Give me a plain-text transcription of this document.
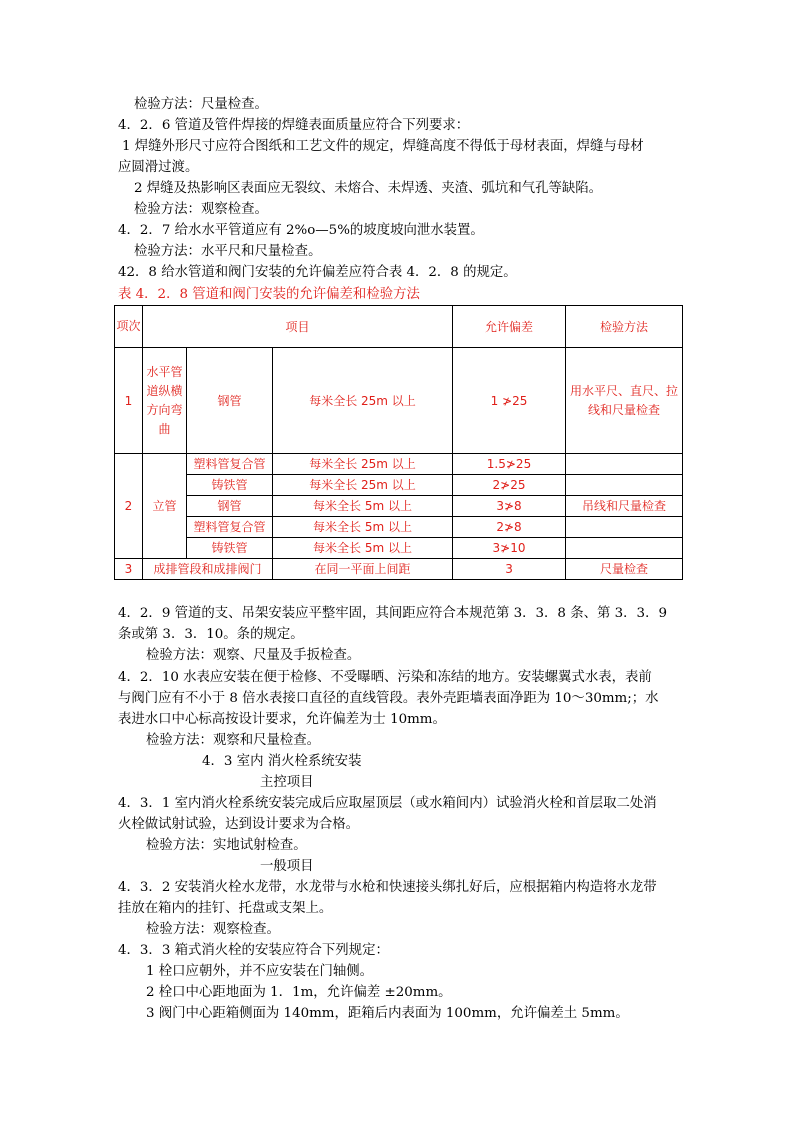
检验方法：尺量检查。
4．2．6 管道及管件焊接的焊缝表面质量应符合下列要求：
1 焊缝外形尺寸应符合图纸和工艺文件的规定，焊缝高度不得低于母材表面，焊缝与母材
应圆滑过渡。
2 焊缝及热影响区表面应无裂纹、未熔合、未焊透、夹渣、弧坑和气孔等缺陷。
检验方法：观察检查。
4．2．7 给水水平管道应有 2%o—5%的坡度坡向泄水装置。
检验方法：水平尺和尺量检查。
42．8 给水管道和阀门安装的允许偏差应符合表 4．2．8 的规定。
表 4．2．8 管道和阀门安装的允许偏差和检验方法
项次	项目			允许偏差	检验方法
1	水平管道纵横方向弯曲	钢管	每米全长 25m 以上	1 ≯25	用水平尺、直尺、拉线和尺量检查
2	立管	塑料管复合管	每米全长 25m 以上	1.5≯25	
		铸铁管	每米全长 25m 以上	2≯25	
		钢管	每米全长 5m 以上	3≯8	吊线和尺量检查
		塑料管复合管	每米全长 5m 以上	2≯8	
		铸铁管	每米全长 5m 以上	3≯10	
3	成排管段和成排阀门		在同一平面上间距	3	尺量检查
4．2．9 管道的支、吊架安装应平整牢固，其间距应符合本规范第 3．3．8 条、第 3．3．9
条或第 3．3．10。条的规定。
检验方法：观察、尺量及手扳检查。
4．2．10 水表应安装在便于检修、不受曝晒、污染和冻结的地方。安装螺翼式水表，表前
与阀门应有不小于 8 倍水表接口直径的直线管段。表外壳距墙表面净距为 10～30mm;；水
表进水口中心标高按设计要求，允许偏差为士 10mm。
检验方法：观察和尺量检查。
4．3 室内 消火栓系统安装
主控项目
4．3．1 室内消火栓系统安装完成后应取屋顶层（或水箱间内）试验消火栓和首层取二处消
火栓做试射试验，达到设计要求为合格。
检验方法：实地试射检查。
一般项目
4．3．2 安装消火栓水龙带，水龙带与水枪和快速接头绑扎好后，应根据箱内构造将水龙带
挂放在箱内的挂钉、托盘或支架上。
检验方法：观察检查。
4．3．3 箱式消火栓的安装应符合下列规定：
1 栓口应朝外，并不应安装在门轴侧。
2 栓口中心距地面为 1．1m，允许偏差 ±20mm。
3 阀门中心距箱侧面为 140mm，距箱后内表面为 100mm，允许偏差土 5mm。
